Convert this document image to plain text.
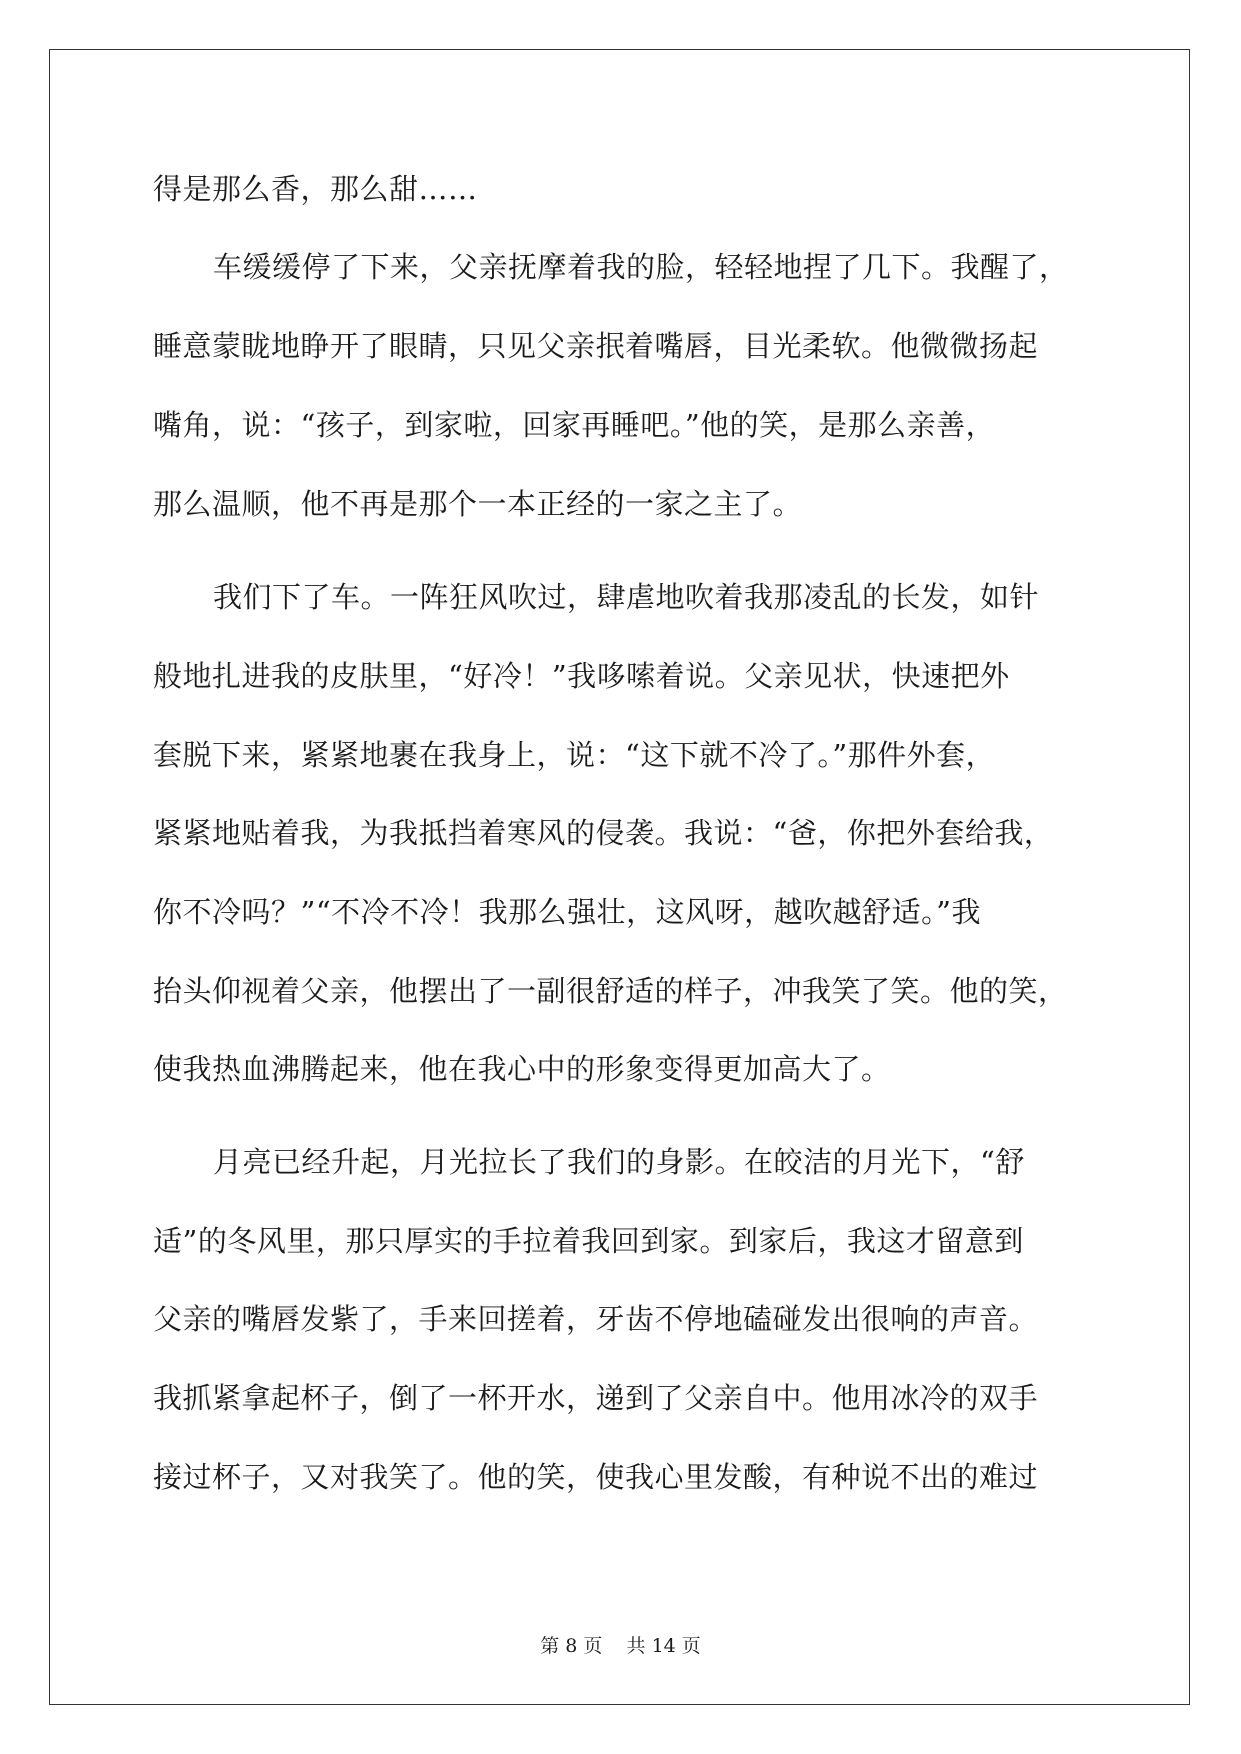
得是那么香，那么甜……

车缓缓停了下来，父亲抚摩着我的脸，轻轻地捏了几下。我醒了，

睡意蒙眬地睁开了眼睛，只见父亲抿着嘴唇，目光柔软。他微微扬起

嘴角，说：“孩子，到家啦，回家再睡吧。”他的笑，是那么亲善，

那么温顺，他不再是那个一本正经的一家之主了。

我们下了车。一阵狂风吹过，肆虐地吹着我那凌乱的长发，如针

般地扎进我的皮肤里，“好冷！”我哆嗦着说。父亲见状，快速把外

套脱下来，紧紧地裹在我身上，说：“这下就不冷了。”那件外套，

紧紧地贴着我，为我抵挡着寒风的侵袭。我说：“爸，你把外套给我，

你不冷吗？”“不冷不冷！我那么强壮，这风呀，越吹越舒适。”我

抬头仰视着父亲，他摆出了一副很舒适的样子，冲我笑了笑。他的笑，

使我热血沸腾起来，他在我心中的形象变得更加高大了。

月亮已经升起，月光拉长了我们的身影。在皎洁的月光下，“舒

适”的冬风里，那只厚实的手拉着我回到家。到家后，我这才留意到

父亲的嘴唇发紫了，手来回搓着，牙齿不停地磕碰发出很响的声音。

我抓紧拿起杯子，倒了一杯开水，递到了父亲自中。他用冰冷的双手

接过杯子，又对我笑了。他的笑，使我心里发酸，有种说不出的难过

第 8 页    共 14 页
